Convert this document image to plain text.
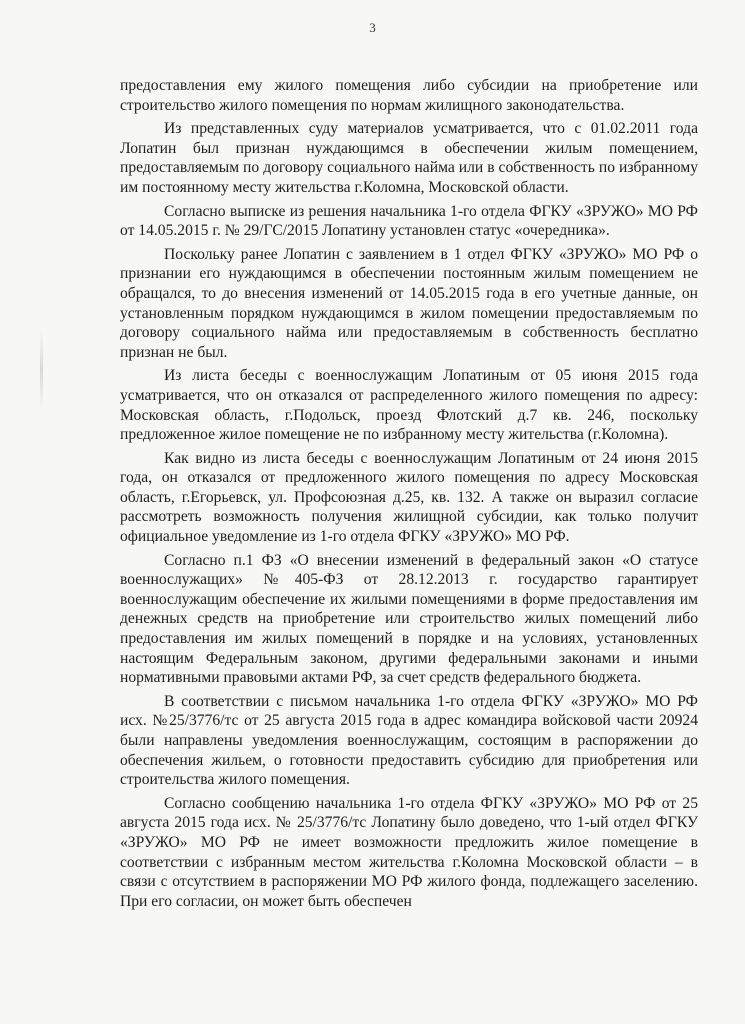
3

предоставления ему жилого помещения либо субсидии на приобретение или строительство жилого помещения по нормам жилищного законодательства.

Из представленных суду материалов усматривается, что с 01.02.2011 года Лопатин был признан нуждающимся в обеспечении жилым помещением, предоставляемым по договору социального найма или в собственность по избранному им постоянному месту жительства г.Коломна, Московской области.

Согласно выписке из решения начальника 1-го отдела ФГКУ «ЗРУЖО» МО РФ от 14.05.2015 г. № 29/ГС/2015 Лопатину установлен статус «очередника».

Поскольку ранее Лопатин с заявлением в 1 отдел ФГКУ «ЗРУЖО» МО РФ о признании его нуждающимся в обеспечении постоянным жилым помещением не обращался, то до внесения изменений от 14.05.2015 года в его учетные данные, он установленным порядком нуждающимся в жилом помещении предоставляемым по договору социального найма или предоставляемым в собственность бесплатно признан не был.

Из листа беседы с военнослужащим Лопатиным от 05 июня 2015 года усматривается, что он отказался от распределенного жилого помещения по адресу: Московская область, г.Подольск, проезд Флотский д.7 кв. 246, поскольку предложенное жилое помещение не по избранному месту жительства (г.Коломна).

Как видно из листа беседы с военнослужащим Лопатиным от 24 июня 2015 года, он отказался от предложенного жилого помещения по адресу Московская область, г.Егорьевск, ул. Профсоюзная д.25, кв. 132. А также он выразил согласие рассмотреть возможность получения жилищной субсидии, как только получит официальное уведомление из 1-го отдела ФГКУ «ЗРУЖО» МО РФ.

Согласно п.1 ФЗ «О внесении изменений в федеральный закон «О статусе военнослужащих» №405-ФЗ от 28.12.2013 г. государство гарантирует военнослужащим обеспечение их жилыми помещениями в форме предоставления им денежных средств на приобретение или строительство жилых помещений либо предоставления им жилых помещений в порядке и на условиях, установленных настоящим Федеральным законом, другими федеральными законами и иными нормативными правовыми актами РФ, за счет средств федерального бюджета.

В соответствии с письмом начальника 1-го отдела ФГКУ «ЗРУЖО» МО РФ исх. №25/3776/тс от 25 августа 2015 года в адрес командира войсковой части 20924 были направлены уведомления военнослужащим, состоящим в распоряжении до обеспечения жильем, о готовности предоставить субсидию для приобретения или строительства жилого помещения.

Согласно сообщению начальника 1-го отдела ФГКУ «ЗРУЖО» МО РФ от 25 августа 2015 года исх. № 25/3776/тс Лопатину было доведено, что 1-ый отдел ФГКУ «ЗРУЖО» МО РФ не имеет возможности предложить жилое помещение в соответствии с избранным местом жительства г.Коломна Московской области – в связи с отсутствием в распоряжении МО РФ жилого фонда, подлежащего заселению. При его согласии, он может быть обеспечен
